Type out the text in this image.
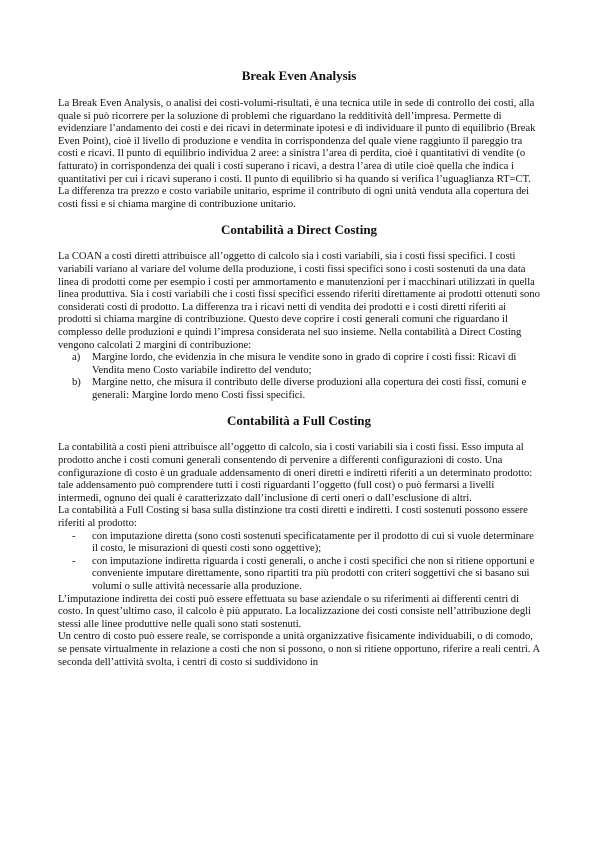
Break Even Analysis

La Break Even Analysis, o analisi dei costi-volumi-risultati, è una tecnica utile in sede di controllo dei costi, alla quale si può ricorrere per la soluzione di problemi che riguardano la redditività dell’impresa. Permette di evidenziare l’andamento dei costi e dei ricavi in determinate ipotesi e di individuare il punto di equilibrio (Break Even Point), cioè il livello di produzione e vendita in corrispondenza del quale viene raggiunto il pareggio tra costi e ricavi. Il punto di equilibrio individua 2 aree: a sinistra l’area di perdita, cioè i quantitativi di vendite (o fatturato) in corrispondenza dei quali i costi superano i ricavi, a destra l’area di utile cioè quella che indica i quantitativi per cui i ricavi superano i costi. Il punto di equilibrio si ha quando si verifica l’uguaglianza RT=CT.

La differenza tra prezzo e costo variabile unitario, esprime il contributo di ogni unità venduta alla copertura dei costi fissi e si chiama margine di contribuzione unitario.

Contabilità a Direct Costing

La COAN a costi diretti attribuisce all’oggetto di calcolo sia i costi variabili, sia i costi fissi specifici. I costi variabili variano al variare del volume della produzione, i costi fissi specifici sono i costi sostenuti da una data linea di prodotti come per esempio i costi per ammortamento e manutenzioni per i macchinari utilizzati in quella linea produttiva. Sia i costi variabili che i costi fissi specifici essendo riferiti direttamente ai prodotti ottenuti sono considerati costi di prodotto. La differenza tra i ricavi netti di vendita dei prodotti e i costi diretti riferiti ai prodotti si chiama margine di contribuzione. Questo deve coprire i costi generali comuni che riguardano il complesso delle produzioni e quindi l’impresa considerata nel suo insieme. Nella contabilità a Direct Costing vengono calcolati 2 margini di contribuzione:

a) Margine lordo, che evidenzia in che misura le vendite sono in grado di coprire i costi fissi: Ricavi di Vendita meno Costo variabile indiretto del venduto;
b) Margine netto, che misura il contributo delle diverse produzioni alla copertura dei costi fissi, comuni e generali: Margine lordo meno Costi fissi specifici.
Contabilità a Full Costing

La contabilità a costi pieni attribuisce all’oggetto di calcolo, sia i costi variabili sia i costi fissi. Esso imputa al prodotto anche i costi comuni generali consentendo di pervenire a differenti configurazioni di costo. Una configurazione di costo è un graduale addensamento di oneri diretti e indiretti riferiti a un determinato prodotto: tale addensamento può comprendere tutti i costi riguardanti l’oggetto (full cost) o può fermarsi a livelli intermedi, ognuno dei quali è caratterizzato dall’inclusione di certi oneri o dall’esclusione di altri.

La contabilità a Full Costing si basa sulla distinzione tra costi diretti e indiretti. I costi sostenuti possono essere riferiti al prodotto:

- con imputazione diretta (sono costi sostenuti specificatamente per il prodotto di cui si vuole determinare il costo, le misurazioni di questi costi sono oggettive);
- con imputazione indiretta riguarda i costi generali, o anche i costi specifici che non si ritiene opportuni e conveniente imputare direttamente, sono ripartiti tra più prodotti con criteri soggettivi che si basano sui volumi o sulle attività necessarie alla produzione.

L’imputazione indiretta dei costi può essere effettuata su base aziendale o su riferimenti ai differenti centri di costo. In quest’ultimo caso, il calcolo è più appurato. La localizzazione dei costi consiste nell’attribuzione degli stessi alle linee produttive nelle quali sono stati sostenuti.

Un centro di costo può essere reale, se corrisponde a unità organizzative fisicamente individuabili, o di comodo, se pensate virtualmente in relazione a costi che non si possono, o non si ritiene opportuno, riferire a reali centri. A seconda dell’attività svolta, i centri di costo si suddividono in
